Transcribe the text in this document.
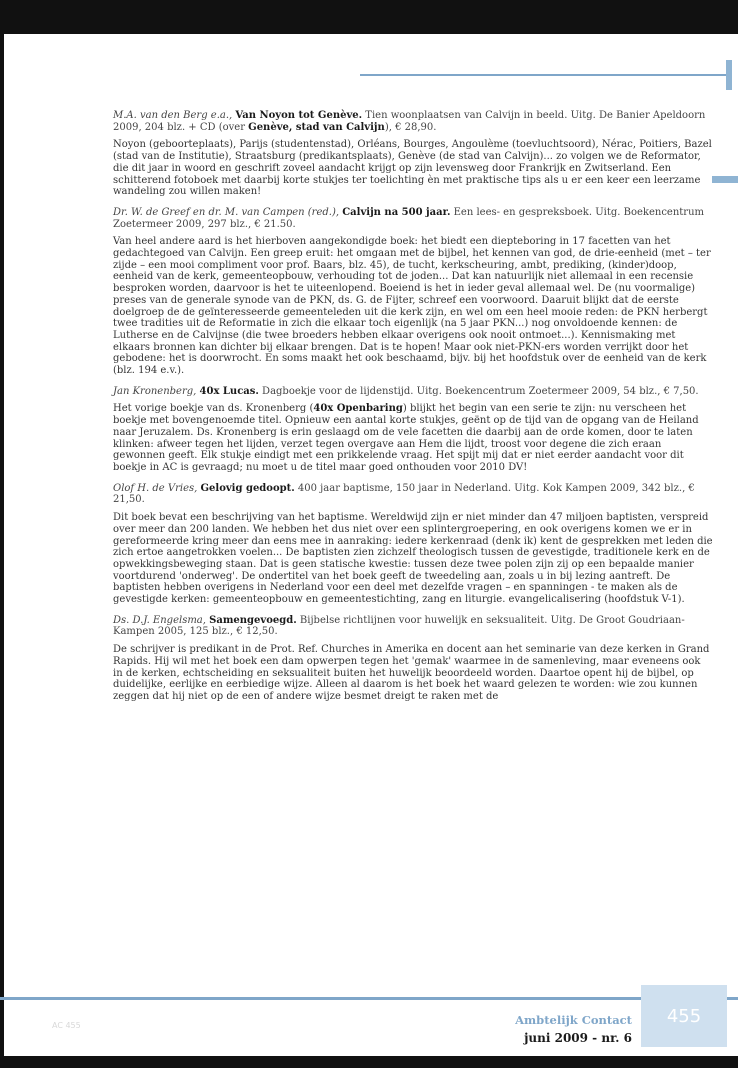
M.A. van den Berg e.a., Van Noyon tot Genève. Tien woonplaatsen van Calvijn in beeld. Uitg. De Banier Apeldoorn 2009, 204 blz. + CD (over Genève, stad van Calvijn), € 28,90.

Noyon (geboorteplaats), Parijs (studentenstad), Orléans, Bourges, Angoulème (toevluchtsoord), Nérac, Poitiers, Bazel (stad van de Institutie), Straatsburg (predikantsplaats), Genève (de stad van Calvijn)... zo volgen we de Reformator, die dit jaar in woord en geschrift zoveel aandacht krijgt op zijn levensweg door Frankrijk en Zwitserland. Een schitterend fotoboek met daarbij korte stukjes ter toelichting èn met praktische tips als u er een keer een leerzame wandeling zou willen maken!

Dr. W. de Greef en dr. M. van Campen (red.), Calvijn na 500 jaar. Een lees- en gespreksboek. Uitg. Boekencentrum Zoetermeer 2009, 297 blz., € 21.50.

Van heel andere aard is het hierboven aangekondigde boek: het biedt een diepteboring in 17 facetten van het gedachtegoed van Calvijn. Een greep eruit: het omgaan met de bijbel, het kennen van god, de drie-eenheid (met – ter zijde – een mooi compliment voor prof. Baars, blz. 45), de tucht, kerkscheuring, ambt, prediking, (kinder)doop, eenheid van de kerk, gemeenteopbouw, verhouding tot de joden... Dat kan natuurlijk niet allemaal in een recensie besproken worden, daarvoor is het te uiteenlopend. Boeiend is het in ieder geval allemaal wel. De (nu voormalige) preses van de generale synode van de PKN, ds. G. de Fijter, schreef een voorwoord. Daaruit blijkt dat de eerste doelgroep de de geïnteresseerde gemeenteleden uit die kerk zijn, en wel om een heel mooie reden: de PKN herbergt twee tradities uit de Reformatie in zich die elkaar toch eigenlijk (na 5 jaar PKN...) nog onvoldoende kennen: de Lutherse en de Calvijnse (die twee broeders hebben elkaar overigens ook nooit ontmoet...). Kennismaking met elkaars bronnen kan dichter bij elkaar brengen. Dat is te hopen! Maar ook niet-PKN-ers worden verrijkt door het gebodene: het is doorwrocht. En soms maakt het ook beschaamd, bijv. bij het hoofdstuk over de eenheid van de kerk (blz. 194 e.v.).

Jan Kronenberg, 40x Lucas. Dagboekje voor de lijdenstijd. Uitg. Boekencentrum Zoetermeer 2009, 54 blz., € 7,50.

Het vorige boekje van ds. Kronenberg (40x Openbaring) blijkt het begin van een serie te zijn: nu verscheen het boekje met bovengenoemde titel. Opnieuw een aantal korte stukjes, geënt op de tijd van de opgang van de Heiland naar Jeruzalem. Ds. Kronenberg is erin geslaagd om de vele facetten die daarbij aan de orde komen, door te laten klinken: afweer tegen het lijden, verzet tegen overgave aan Hem die lijdt, troost voor degene die zich eraan gewonnen geeft. Elk stukje eindigt met een prikkelende vraag. Het spijt mij dat er niet eerder aandacht voor dit boekje in AC is gevraagd; nu moet u de titel maar goed onthouden voor 2010 DV!

Olof H. de Vries, Gelovig gedoopt. 400 jaar baptisme, 150 jaar in Nederland. Uitg. Kok Kampen 2009, 342 blz., € 21,50.

Dit boek bevat een beschrijving van het baptisme. Wereldwijd zijn er niet minder dan 47 miljoen baptisten, verspreid over meer dan 200 landen. We hebben het dus niet over een splintergroepering, en ook overigens komen we er in gereformeerde kring meer dan eens mee in aanraking: iedere kerkenraad (denk ik) kent de gesprekken met leden die zich ertoe aangetrokken voelen... De baptisten zien zichzelf theologisch tussen de gevestigde, traditionele kerk en de opwekkingsbeweging staan. Dat is geen statische kwestie: tussen deze twee polen zijn zij op een bepaalde manier voortdurend 'onderweg'. De ondertitel van het boek geeft de tweedeling aan, zoals u in bij lezing aantreft. De baptisten hebben overigens in Nederland voor een deel met dezelfde vragen – en spanningen - te maken als de gevestigde kerken: gemeenteopbouw en gemeentestichting, zang en liturgie. evangelicalisering (hoofdstuk V-1).

Ds. D.J. Engelsma, Samengevoegd. Bijbelse richtlijnen voor huwelijk en seksualiteit. Uitg. De Groot Goudriaan-Kampen 2005, 125 blz., € 12,50.

De schrijver is predikant in de Prot. Ref. Churches in Amerika en docent aan het seminarie van deze kerken in Grand Rapids. Hij wil met het boek een dam opwerpen tegen het 'gemak' waarmee in de samenleving, maar eveneens ook in de kerken, echtscheiding en seksualiteit buiten het huwelijk beoordeeld worden. Daartoe opent hij de bijbel, op duidelijke, eerlijke en eerbiedige wijze. Alleen al daarom is het boek het waard gelezen te worden: wie zou kunnen zeggen dat hij niet op de een of andere wijze besmet dreigt te raken met de

AC 455	Ambtelijk Contact
juni 2009 - nr. 6
455
